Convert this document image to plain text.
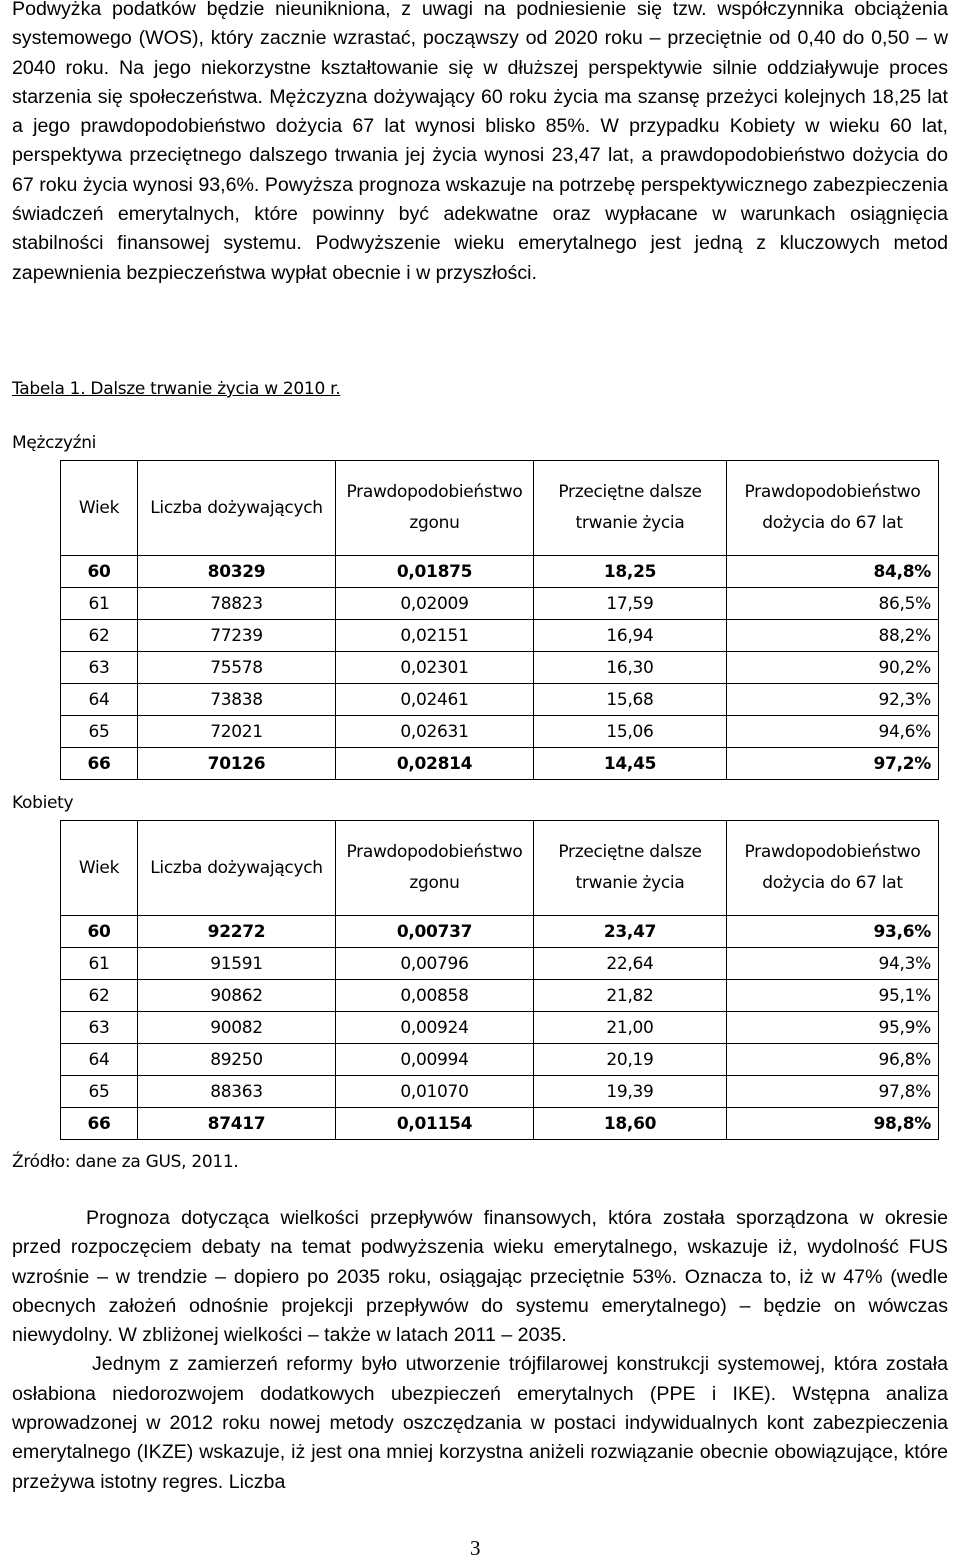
Podwyżka podatków będzie nieunikniona, z uwagi na podniesienie się tzw. współczynnika obciążenia systemowego (WOS), który zacznie wzrastać, począwszy od 2020 roku – przeciętnie od 0,40 do 0,50 – w 2040 roku. Na jego niekorzystne kształtowanie się w dłuższej perspektywie silnie oddziaływuje proces starzenia się społeczeństwa. Mężczyzna dożywający 60 roku życia ma szansę przeżyci kolejnych 18,25 lat a jego prawdopodobieństwo dożycia 67 lat wynosi blisko 85%. W przypadku Kobiety w wieku 60 lat, perspektywa przeciętnego dalszego trwania jej życia wynosi 23,47 lat, a prawdopodobieństwo dożycia do 67 roku życia wynosi 93,6%. Powyższa prognoza wskazuje na potrzebę perspektywicznego zabezpieczenia świadczeń emerytalnych, które powinny być adekwatne oraz wypłacane w warunkach osiągnięcia stabilności finansowej systemu. Podwyższenie wieku emerytalnego jest jedną z kluczowych metod zapewnienia bezpieczeństwa wypłat obecnie i w przyszłości.

Tabela 1. Dalsze trwanie życia w 2010 r.
Mężczyźni
Wiek	Liczba dożywających	Prawdopodobieństwo zgonu	Przeciętne dalsze trwanie życia	Prawdopodobieństwo dożycia do 67 lat
60	80329	0,01875	18,25	84,8%
61	78823	0,02009	17,59	86,5%
62	77239	0,02151	16,94	88,2%
63	75578	0,02301	16,30	90,2%
64	73838	0,02461	15,68	92,3%
65	72021	0,02631	15,06	94,6%
66	70126	0,02814	14,45	97,2%
Kobiety
Wiek	Liczba dożywających	Prawdopodobieństwo zgonu	Przeciętne dalsze trwanie życia	Prawdopodobieństwo dożycia do 67 lat
60	92272	0,00737	23,47	93,6%
61	91591	0,00796	22,64	94,3%
62	90862	0,00858	21,82	95,1%
63	90082	0,00924	21,00	95,9%
64	89250	0,00994	20,19	96,8%
65	88363	0,01070	19,39	97,8%
66	87417	0,01154	18,60	98,8%
Źródło: dane za GUS, 2011.

Prognoza dotycząca wielkości przepływów finansowych, która została sporządzona w okresie przed rozpoczęciem debaty na temat podwyższenia wieku emerytalnego, wskazuje iż, wydolność FUS wzrośnie – w trendzie – dopiero po 2035 roku, osiągając przeciętnie 53%. Oznacza to, iż w 47% (wedle obecnych założeń odnośnie projekcji przepływów do systemu emerytalnego) – będzie on wówczas niewydolny. W zbliżonej wielkości – także w latach 2011 – 2035.

Jednym z zamierzeń reformy było utworzenie trójfilarowej konstrukcji systemowej, która została osłabiona niedorozwojem dodatkowych ubezpieczeń emerytalnych (PPE i IKE). Wstępna analiza wprowadzonej w 2012 roku nowej metody oszczędzania w postaci indywidualnych kont zabezpieczenia emerytalnego (IKZE) wskazuje, iż jest ona mniej korzystna aniżeli rozwiązanie obecnie obowiązujące, które przeżywa istotny regres. Liczba

3
